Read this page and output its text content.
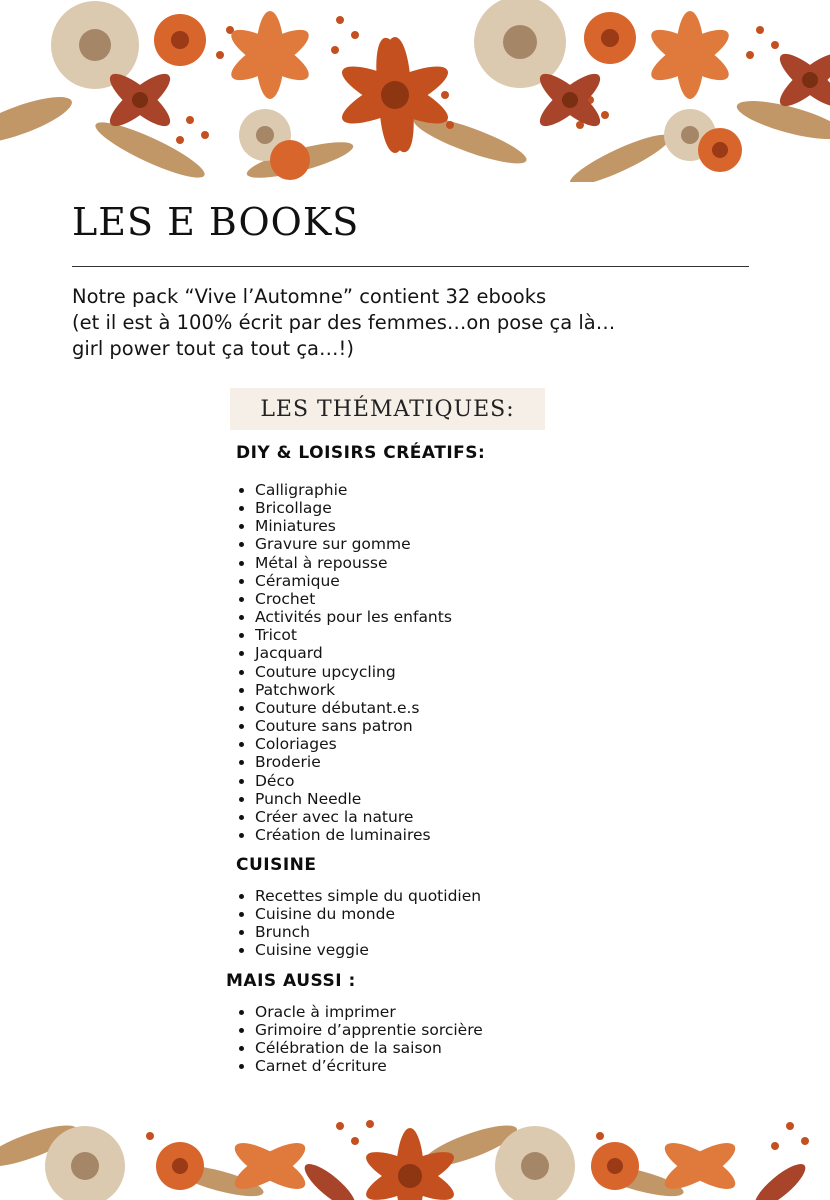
LES E BOOKS

Notre pack “Vive l’Automne” contient 32 ebooks
(et il est à 100% écrit par des femmes…on pose ça là…
girl power tout ça tout ça…!)

LES THÉMATIQUES:
DIY & LOISIRS CRÉATIFS:
Calligraphie
Bricollage
Miniatures
Gravure sur gomme
Métal à repousse
Céramique
Crochet
Activités pour les enfants
Tricot
Jacquard
Couture upcycling
Patchwork
Couture débutant.e.s
Couture sans patron
Coloriages
Broderie
Déco
Punch Needle
Créer avec la nature
Création de luminaires
CUISINE
Recettes simple du quotidien
Cuisine du monde
Brunch
Cuisine veggie
MAIS AUSSI :
Oracle à imprimer
Grimoire d’apprentie sorcière
Célébration de la saison
Carnet d’écriture
